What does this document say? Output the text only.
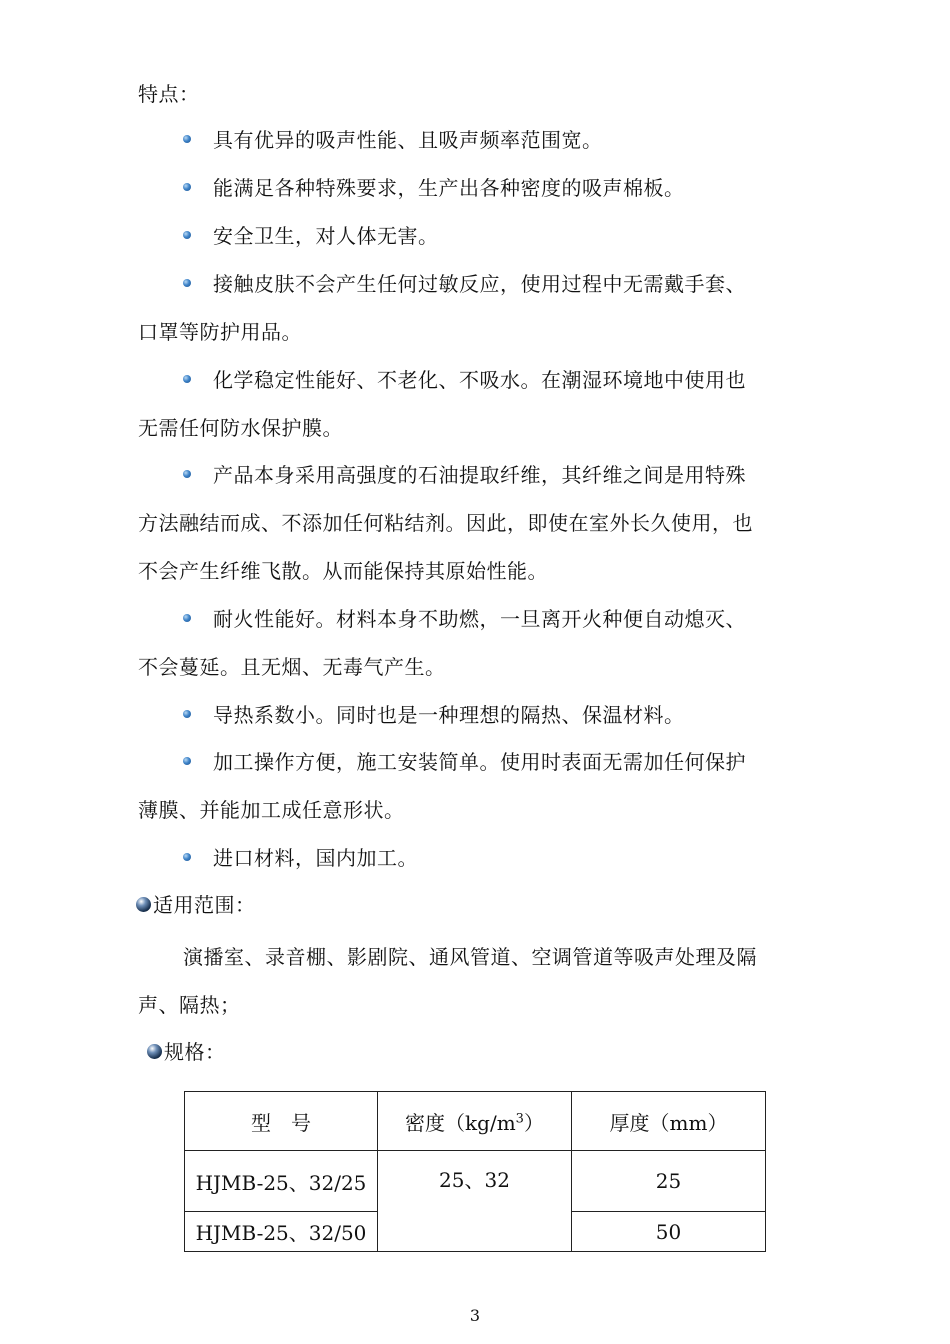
特点：
具有优异的吸声性能、且吸声频率范围宽。
能满足各种特殊要求，生产出各种密度的吸声棉板。
安全卫生，对人体无害。
接触皮肤不会产生任何过敏反应，使用过程中无需戴手套、
口罩等防护用品。
化学稳定性能好、不老化、不吸水。在潮湿环境地中使用也
无需任何防水保护膜。
产品本身采用高强度的石油提取纤维，其纤维之间是用特殊
方法融结而成、不添加任何粘结剂。因此，即使在室外长久使用，也
不会产生纤维飞散。从而能保持其原始性能。
耐火性能好。材料本身不助燃，一旦离开火种便自动熄灭、
不会蔓延。且无烟、无毒气产生。
导热系数小。同时也是一种理想的隔热、保温材料。
加工操作方便，施工安装简单。使用时表面无需加任何保护
薄膜、并能加工成任意形状。
进口材料，国内加工。
适用范围：
演播室、录音棚、影剧院、通风管道、空调管道等吸声处理及隔
声、隔热；
规格：
型　号	密度$(kg/m^3)$	厚度（mm）
HJMB-25、32/25	25、32	25
HJMB-25、32/50		50
3
